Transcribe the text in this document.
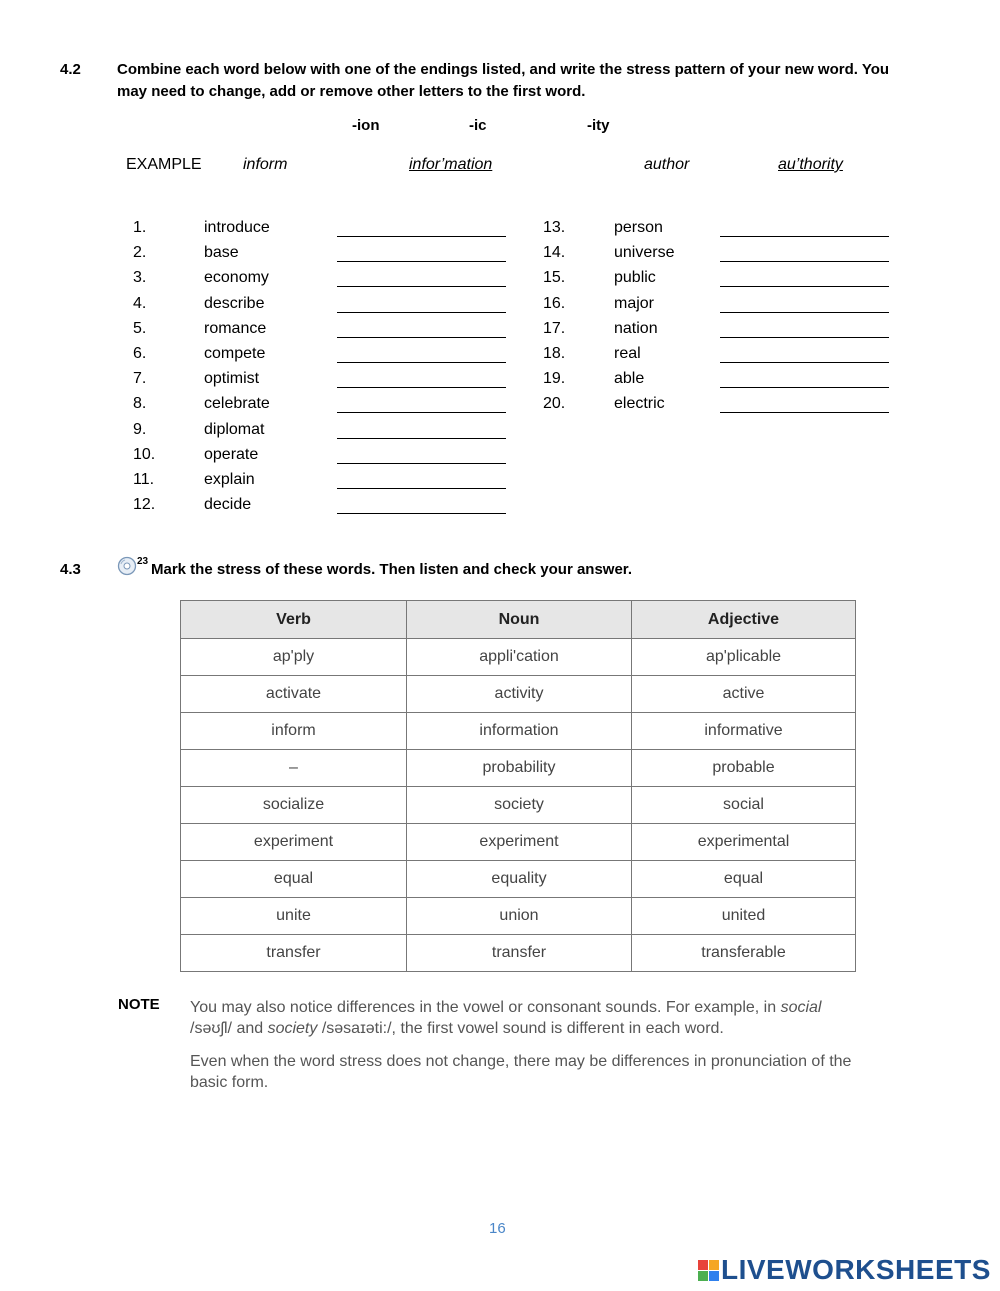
4.2 Combine each word below with one of the endings listed, and write the stress pattern of your new word. You
may need to change, add or remove other letters to the first word.
-ion	-ic	-ity
EXAMPLE	inform	infor’mation	author	au’thority
1.	introduce
2.	base
3.	economy
4.	describe
5.	romance
6.	compete
7.	optimist
8.	celebrate
9.	diplomat
10.	operate
11.	explain
12.	decide
13.	person
14.	universe
15.	public
16.	major
17.	nation
18.	real
19.	able
20.	electric
4.3	23 Mark the stress of these words. Then listen and check your answer.
Verb	Noun	Adjective
ap'ply	appli'cation	ap'plicable
activate	activity	active
inform	information	informative
–	probability	probable
socialize	society	social
experiment	experiment	experimental
equal	equality	equal
unite	union	united
transfer	transfer	transferable
NOTE You may also notice differences in the vowel or consonant sounds. For example, in social
/səʊʃl/ and society /səsaɪəti:/, the first vowel sound is different in each word.

Even when the word stress does not change, there may be differences in pronunciation of the basic form.

16
LIVEWORKSHEETS
